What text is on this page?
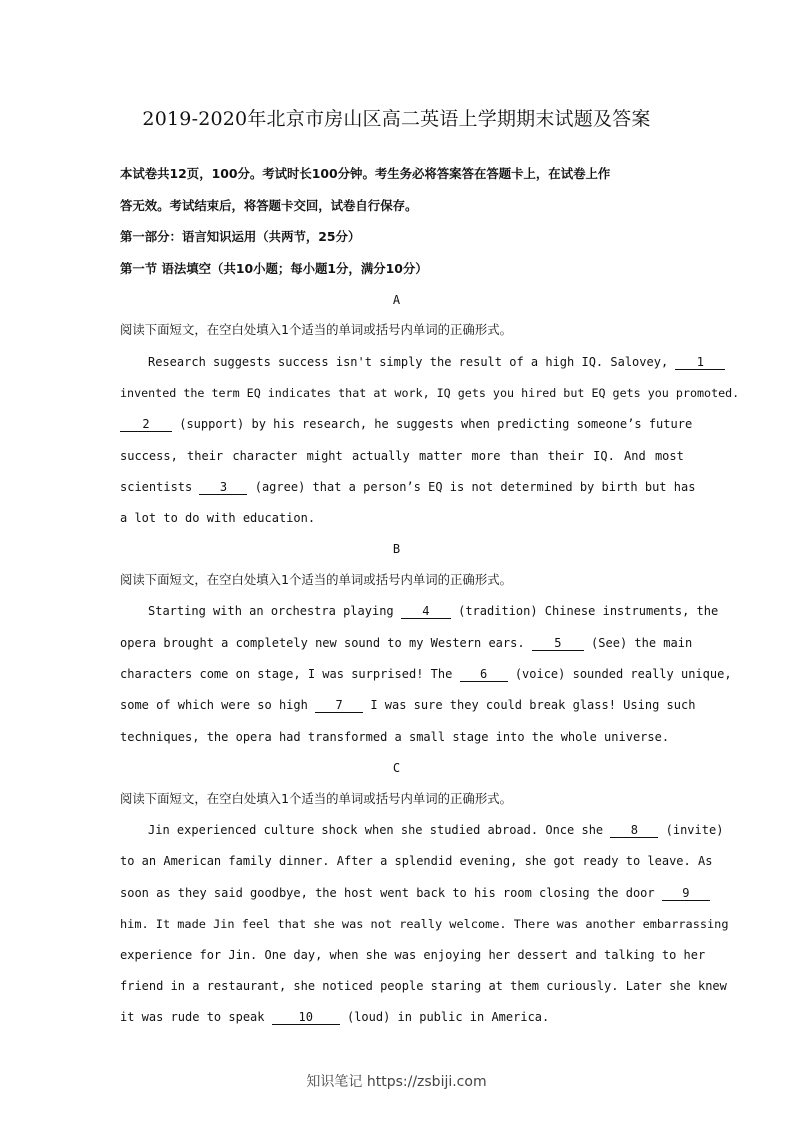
2019-2020年北京市房山区高二英语上学期期末试题及答案
本试卷共12页，100分。考试时长100分钟。考生务必将答案答在答题卡上，在试卷上作
答无效。考试结束后，将答题卡交回，试卷自行保存。
第一部分：语言知识运用（共两节，25分）
第一节 语法填空（共10小题；每小题1分，满分10分）
A
阅读下面短文，在空白处填入1个适当的单词或括号内单词的正确形式。
Research suggests success isn't simply the result of a high IQ. Salovey, 1
invented the term EQ indicates that at work, IQ gets you hired but EQ gets you promoted.
2 (support) by his research, he suggests when predicting someone’s future
success, their character might actually matter more than their IQ. And most
scientists 3 (agree) that a person’s EQ is not determined by birth but has
a lot to do with education.
B
阅读下面短文，在空白处填入1个适当的单词或括号内单词的正确形式。
Starting with an orchestra playing 4 (tradition) Chinese instruments, the
opera brought a completely new sound to my Western ears. 5 (See) the main
characters come on stage, I was surprised! The 6 (voice) sounded really unique,
some of which were so high 7 I was sure they could break glass! Using such
techniques, the opera had transformed a small stage into the whole universe.
C
阅读下面短文，在空白处填入1个适当的单词或括号内单词的正确形式。
Jin experienced culture shock when she studied abroad. Once she 8 (invite)
to an American family dinner. After a splendid evening, she got ready to leave. As
soon as they said goodbye, the host went back to his room closing the door 9
him. It made Jin feel that she was not really welcome. There was another embarrassing
experience for Jin. One day, when she was enjoying her dessert and talking to her
friend in a restaurant, she noticed people staring at them curiously. Later she knew
it was rude to speak	10	(loud) in public in America.
知识笔记 https://zsbiji.com
